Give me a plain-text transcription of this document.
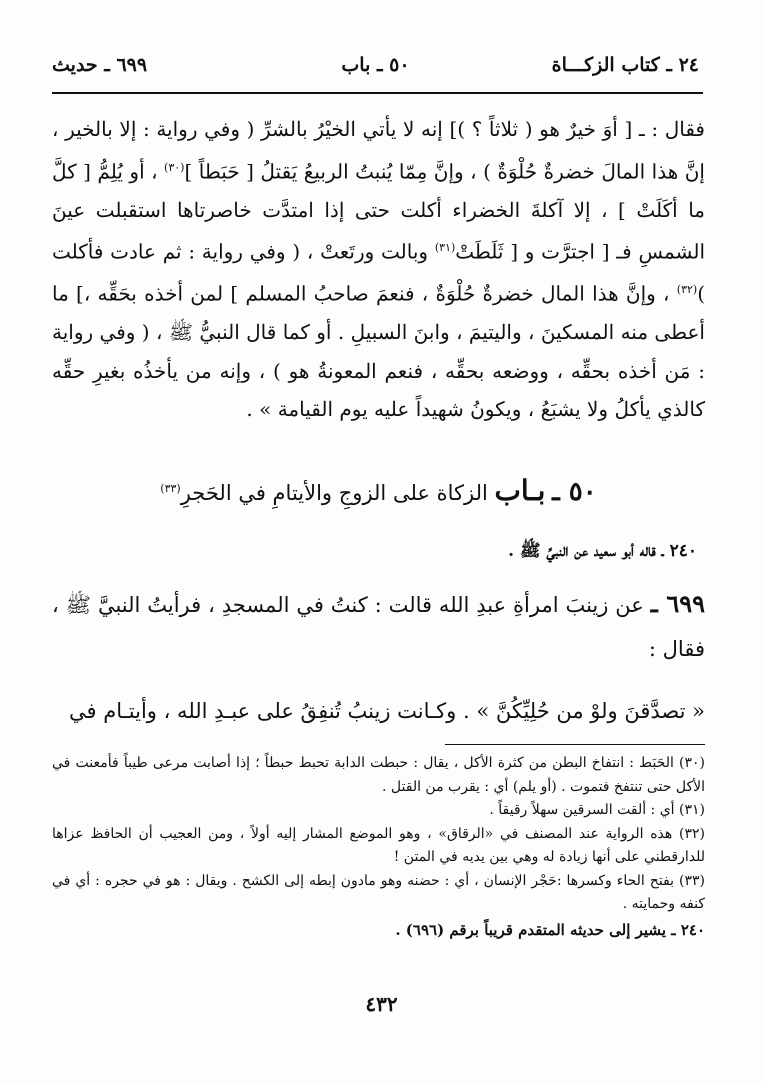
٢٤ ـ كتاب الزكـــاة
٥٠ ـ باب
٦٩٩ ـ حديث

فقال : ـ [ أوَ خيرٌ هو ( ثلاثاً ؟ )] إنه لا يأتي الخيْرُ بالشرِّ ( وفي رواية : إلا بالخير ، إنَّ هذا المالَ خضرةٌ حُلْوَةٌ ) ، وإنَّ مِمّا يُنبتُ الربيعُ يَقتلُ [ حَبَطاً ]$^{(٣٠)}$ ، أو يُلِمُّ [ كلَّ ما أكَلَتْ ] ، إلا آكلةَ الخضراء أكلت حتى إذا امتدَّت خاصرتاها استقبلت عينَ الشمسِ فـ [ اجترَّت و [ ثَلَطَتْ$^{(٣١)}$ وبالت ورتَعتْ ، ( وفي رواية : ثم عادت فأكلت )$^{(٣٢)}$ ، وإنَّ هذا المال خضرةٌ حُلْوَةٌ ، فنعمَ صاحبُ المسلم ] لمن أخذه بحَقِّه ،] ما أعطى منه المسكينَ ، واليتيمَ ، وابنَ السبيلِ . أو كما قال النبيُّ ﷺ ، ( وفي رواية : مَن أخذه بحقِّه ، ووضعه بحقِّه ، فنعم المعونةُ هو ) ، وإنه من يأخذُه بغيرِ حقِّه كالذي يأكلُ ولا يشبَعُ ، ويكونُ شهيداً عليه يوم القيامة » .

٥٠ ـ بـاب الزكاة على الزوجِ والأيتامِ في الحَجرِ$^{(٣٣)}$
٢٤٠ ـ قاله أبو سعيد عن النبيِّ ﷺ .

٦٩٩ ـ عن زينبَ امرأةِ عبدِ الله قالت : كنتُ في المسجدِ ، فرأيتُ النبيَّ ﷺ ، فقال :

« تصدَّقنَ ولوْ من حُلِيِّكُنَّ » . وكـانت زينبُ تُنفِقُ على عبـدِ الله ، وأيتـام في

(٣٠) الحَبَط : انتفاخ البطن من كثرة الأكل ، يقال : حبطت الدابة تحبط حبطاً ؛ إذا أصابت مرعى طيباً فأمعنت في الأكل حتى تنتفخ فتموت . (أو يلم) أي : يقرب من القتل .

(٣١) أي : ألقت السرقين سهلاً رقيقاً .

(٣٢) هذه الرواية عند المصنف في «الرقاق» ، وهو الموضع المشار إليه أولاً ، ومن العجيب أن الحافظ عزاها للدارقطني على أنها زيادة له وهي بين يديه في المتن !

(٣٣) بفتح الحاء وكسرها :حَجْر الإنسان ، أي : حضنه وهو مادون إبطه إلى الكشح . ويقال : هو في حجره : أي في كنفه وحمايته .

٢٤٠ ـ يشير إلى حديثه المتقدم قريباً برقم (٦٩٦) .

٤٣٢
